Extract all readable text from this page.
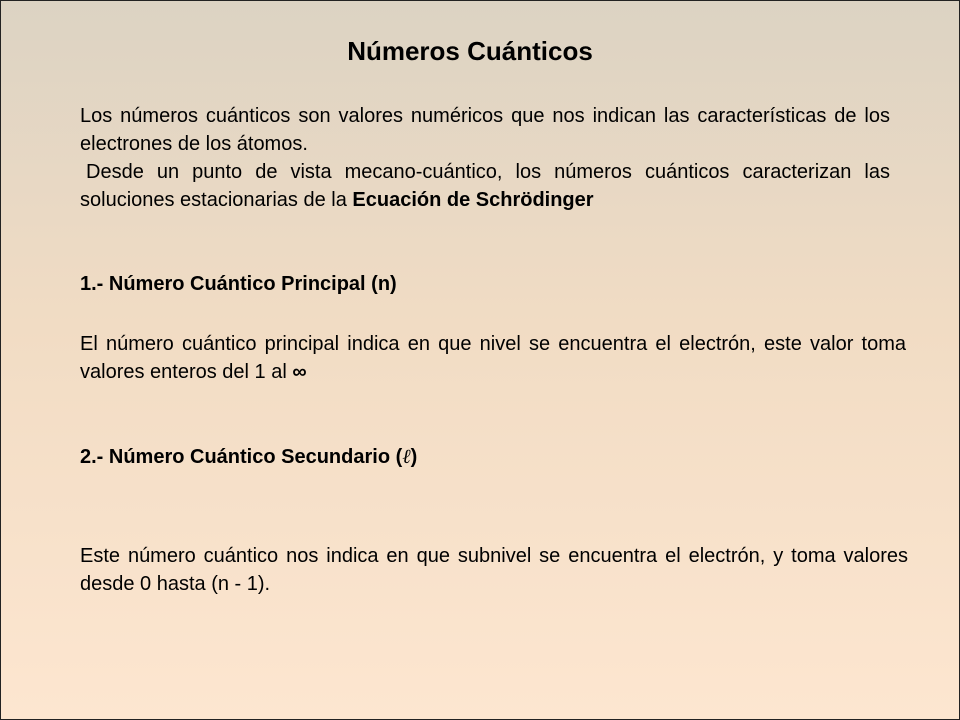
Números Cuánticos
Los números cuánticos son valores numéricos que nos indican las características de los electrones de los átomos.
Desde un punto de vista mecano-cuántico, los números cuánticos caracterizan las soluciones estacionarias de la Ecuación de Schrödinger
1.- Número Cuántico Principal (n)
El número cuántico principal indica en que nivel se encuentra el electrón, este valor toma valores enteros del 1 al ∞
2.- Número Cuántico Secundario (ℓ)
Este número cuántico nos indica en que subnivel se encuentra el electrón, y toma valores desde 0 hasta (n - 1).
